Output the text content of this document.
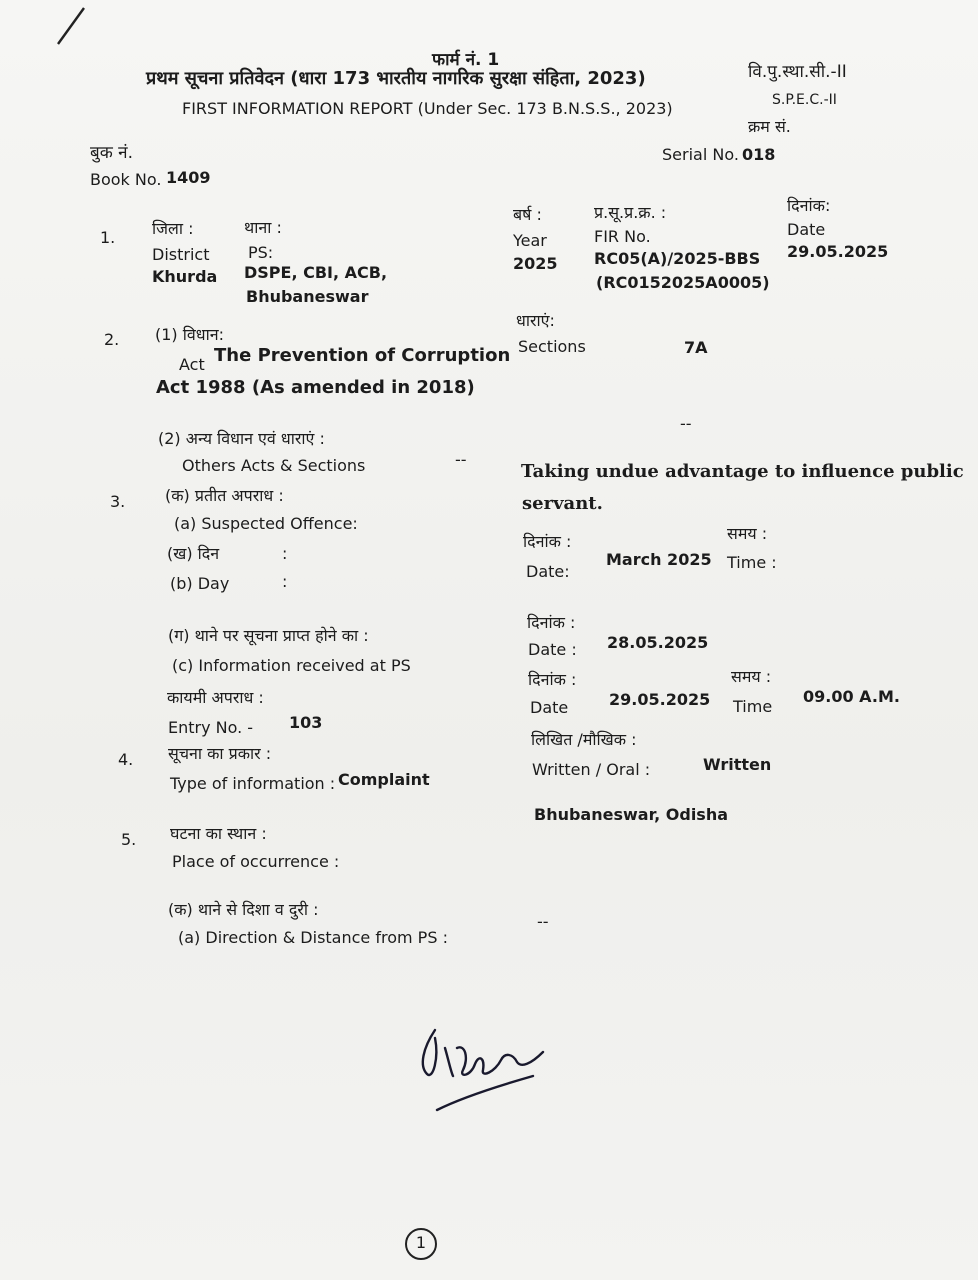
फार्म नं. 1
प्रथम सूचना प्रतिवेदन (धारा 173 भारतीय नागरिक सुरक्षा संहिता, 2023)
FIRST INFORMATION REPORT (Under Sec. 173 B.N.S.S., 2023)
वि.पु.स्था.सी.-II
S.P.E.C.-II
क्रम सं.
Serial No. 018
बुक नं.
Book No. 1409
1. जिला :
District
Khurda
थाना :
PS:
DSPE, CBI, ACB,
Bhubaneswar
बर्ष :
Year
2025
प्र.सू.प्र.क्र. :
FIR No.
RC05(A)/2025-BBS
(RC0152025A0005)
दिनांक:
Date
29.05.2025
2. (1) विधान:
Act The Prevention of Corruption
Act 1988 (As amended in 2018)
धाराएं:
Sections	7A
--
(2) अन्य विधान एवं धाराएं :
Others Acts & Sections	--
3. (क) प्रतीत अपराध :
(a) Suspected Offence:
Taking undue advantage to influence public
servant.
(ख) दिन	:
(b) Day	:
दिनांक :
Date:
March 2025
समय :
Time :
(ग) थाने पर सूचना प्राप्त होने का :
(c) Information received at PS
दिनांक :
Date : 28.05.2025
कायमी अपराध :
Entry No. - 103
दिनांक :
Date	29.05.2025
समय :
Time
09.00 A.M.
4. सूचना का प्रकार :
Type of information : Complaint
लिखित /मौखिक :
Written / Oral :	Written
5. घटना का स्थान :
Place of occurrence :
Bhubaneswar, Odisha
(क) थाने से दिशा व दुरी :
(a) Direction & Distance from PS :
--
1
